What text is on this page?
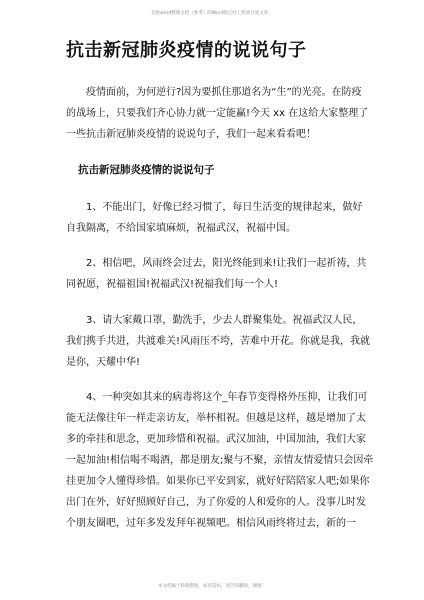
仅供word整理文档（参考）的Word版已经上传到百度文库。
抗击新冠肺炎疫情的说说句子
疫情面前，为何逆行?因为要抓住那道名为“生”的光亮。在防疫
的战场上，只要我们齐心协力就一定能赢!今天 xx 在这给大家整理了
一些抗击新冠肺炎疫情的说说句子，我们一起来看看吧！
抗击新冠肺炎疫情的说说句子
1、不能出门，好像已经习惯了，每日生活变的规律起来，做好
自我隔离，不给国家填麻烦，祝福武汉，祝福中国。
2、相信吧，风雨终会过去，阳光终能到来!让我们一起祈祷，共
同祝愿，祝福祖国!祝福武汉!祝福我们每一个人!
3、请大家戴口罩，勤洗手，少去人群聚集处。祝福武汉人民，
我们携手共进，共渡难关!风雨压不垮，苦难中开花。你就是我，我就
是你，天耀中华!
4、一种突如其来的病毒将这个_年春节变得格外压抑，让我们可
能无法像往年一样走亲访友，举杯相祝。但越是这样，越是增加了太
多的牵挂和思念，更加珍惜和祝福。武汉加油，中国加油，我们大家
一起加油!相信喝不喝酒，都是朋友;聚与不聚，亲情友情爱情只会因牵
挂更加令人懂得珍惜。如果你已平安到家，就好好陪陪家人吧;如果你
出门在外，好好照顾好自己，为了你爱的人和爱你的人。没事儿时发
个朋友圈吧，过年多发发拜年视频吧。相信风雨终将过去，新的一
本文档属于转载整理，如有侵权，请告知删除，谢谢！
